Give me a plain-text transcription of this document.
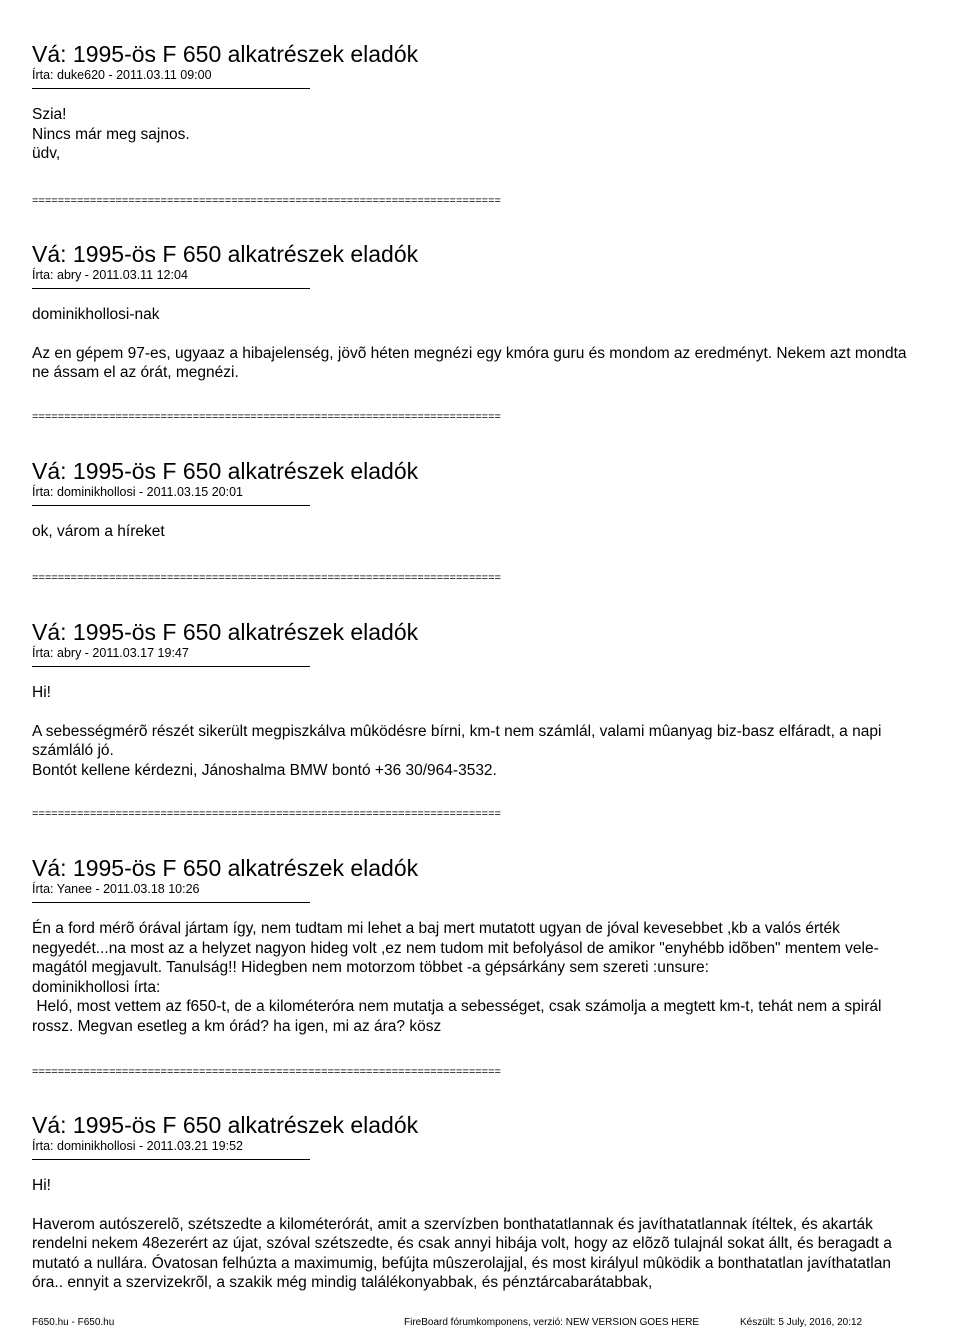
Vá: 1995-ös F 650 alkatrészek eladók
Írta: duke620 - 2011.03.11 09:00

Szia!

Nincs már meg sajnos.

üdv,

Vá: 1995-ös F 650 alkatrészek eladók
Írta: abry - 2011.03.11 12:04

dominikhollosi-nak

Az en gépem 97-es, ugyaaz a hibajelenség, jövõ héten megnézi egy kmóra guru és mondom az eredményt. Nekem azt mondta ne ássam el az órát, megnézi.

Vá: 1995-ös F 650 alkatrészek eladók
Írta: dominikhollosi - 2011.03.15 20:01

ok, várom a híreket

Vá: 1995-ös F 650 alkatrészek eladók
Írta: abry - 2011.03.17 19:47

Hi!

A sebességmérõ részét sikerült megpiszkálva mûködésre bírni, km-t nem számlál, valami mûanyag biz-basz elfáradt, a napi számláló jó.

Bontót kellene kérdezni, Jánoshalma BMW bontó +36 30/964-3532.

Vá: 1995-ös F 650 alkatrészek eladók
Írta: Yanee - 2011.03.18 10:26

Én a ford mérõ órával jártam így, nem tudtam mi lehet a baj mert mutatott ugyan de jóval kevesebbet ,kb a valós érték negyedét...na most az a helyzet nagyon hideg volt ,ez nem tudom mit befolyásol de amikor "enyhébb idõben" mentem vele-magától megjavult. Tanulság!! Hidegben nem motorzom többet -a gépsárkány sem szereti :unsure:

dominikhollosi írta:

Heló, most vettem az f650-t, de a kilométeróra nem mutatja a sebességet, csak számolja a megtett km-t, tehát nem a spirál rossz. Megvan esetleg a km órád? ha igen, mi az ára? kösz

Vá: 1995-ös F 650 alkatrészek eladók
Írta: dominikhollosi - 2011.03.21 19:52

Hi!

Haverom autószerelõ, szétszedte a kilométerórát, amit a szervízben bonthatatlannak és javíthatatlannak ítéltek, és akarták rendelni nekem 48ezerért az újat, szóval szétszedte, és csak annyi hibája volt, hogy az elõzõ tulajnál sokat állt, és beragadt a mutató a nullára. Óvatosan felhúzta a maximumig, befújta mûszerolajjal, és most királyul mûködik a bonthatatlan javíthatatlan óra.. ennyit a szervizekrõl, a szakik még mindig találékonyabbak, és pénztárcabarátabbak,

=========================================================================
=========================================================================
=========================================================================
=========================================================================
=========================================================================
F650.hu - F650.hu	FireBoard fórumkomponens, verzió: NEW VERSION GOES HERE	Készült: 5 July, 2016, 20:12
